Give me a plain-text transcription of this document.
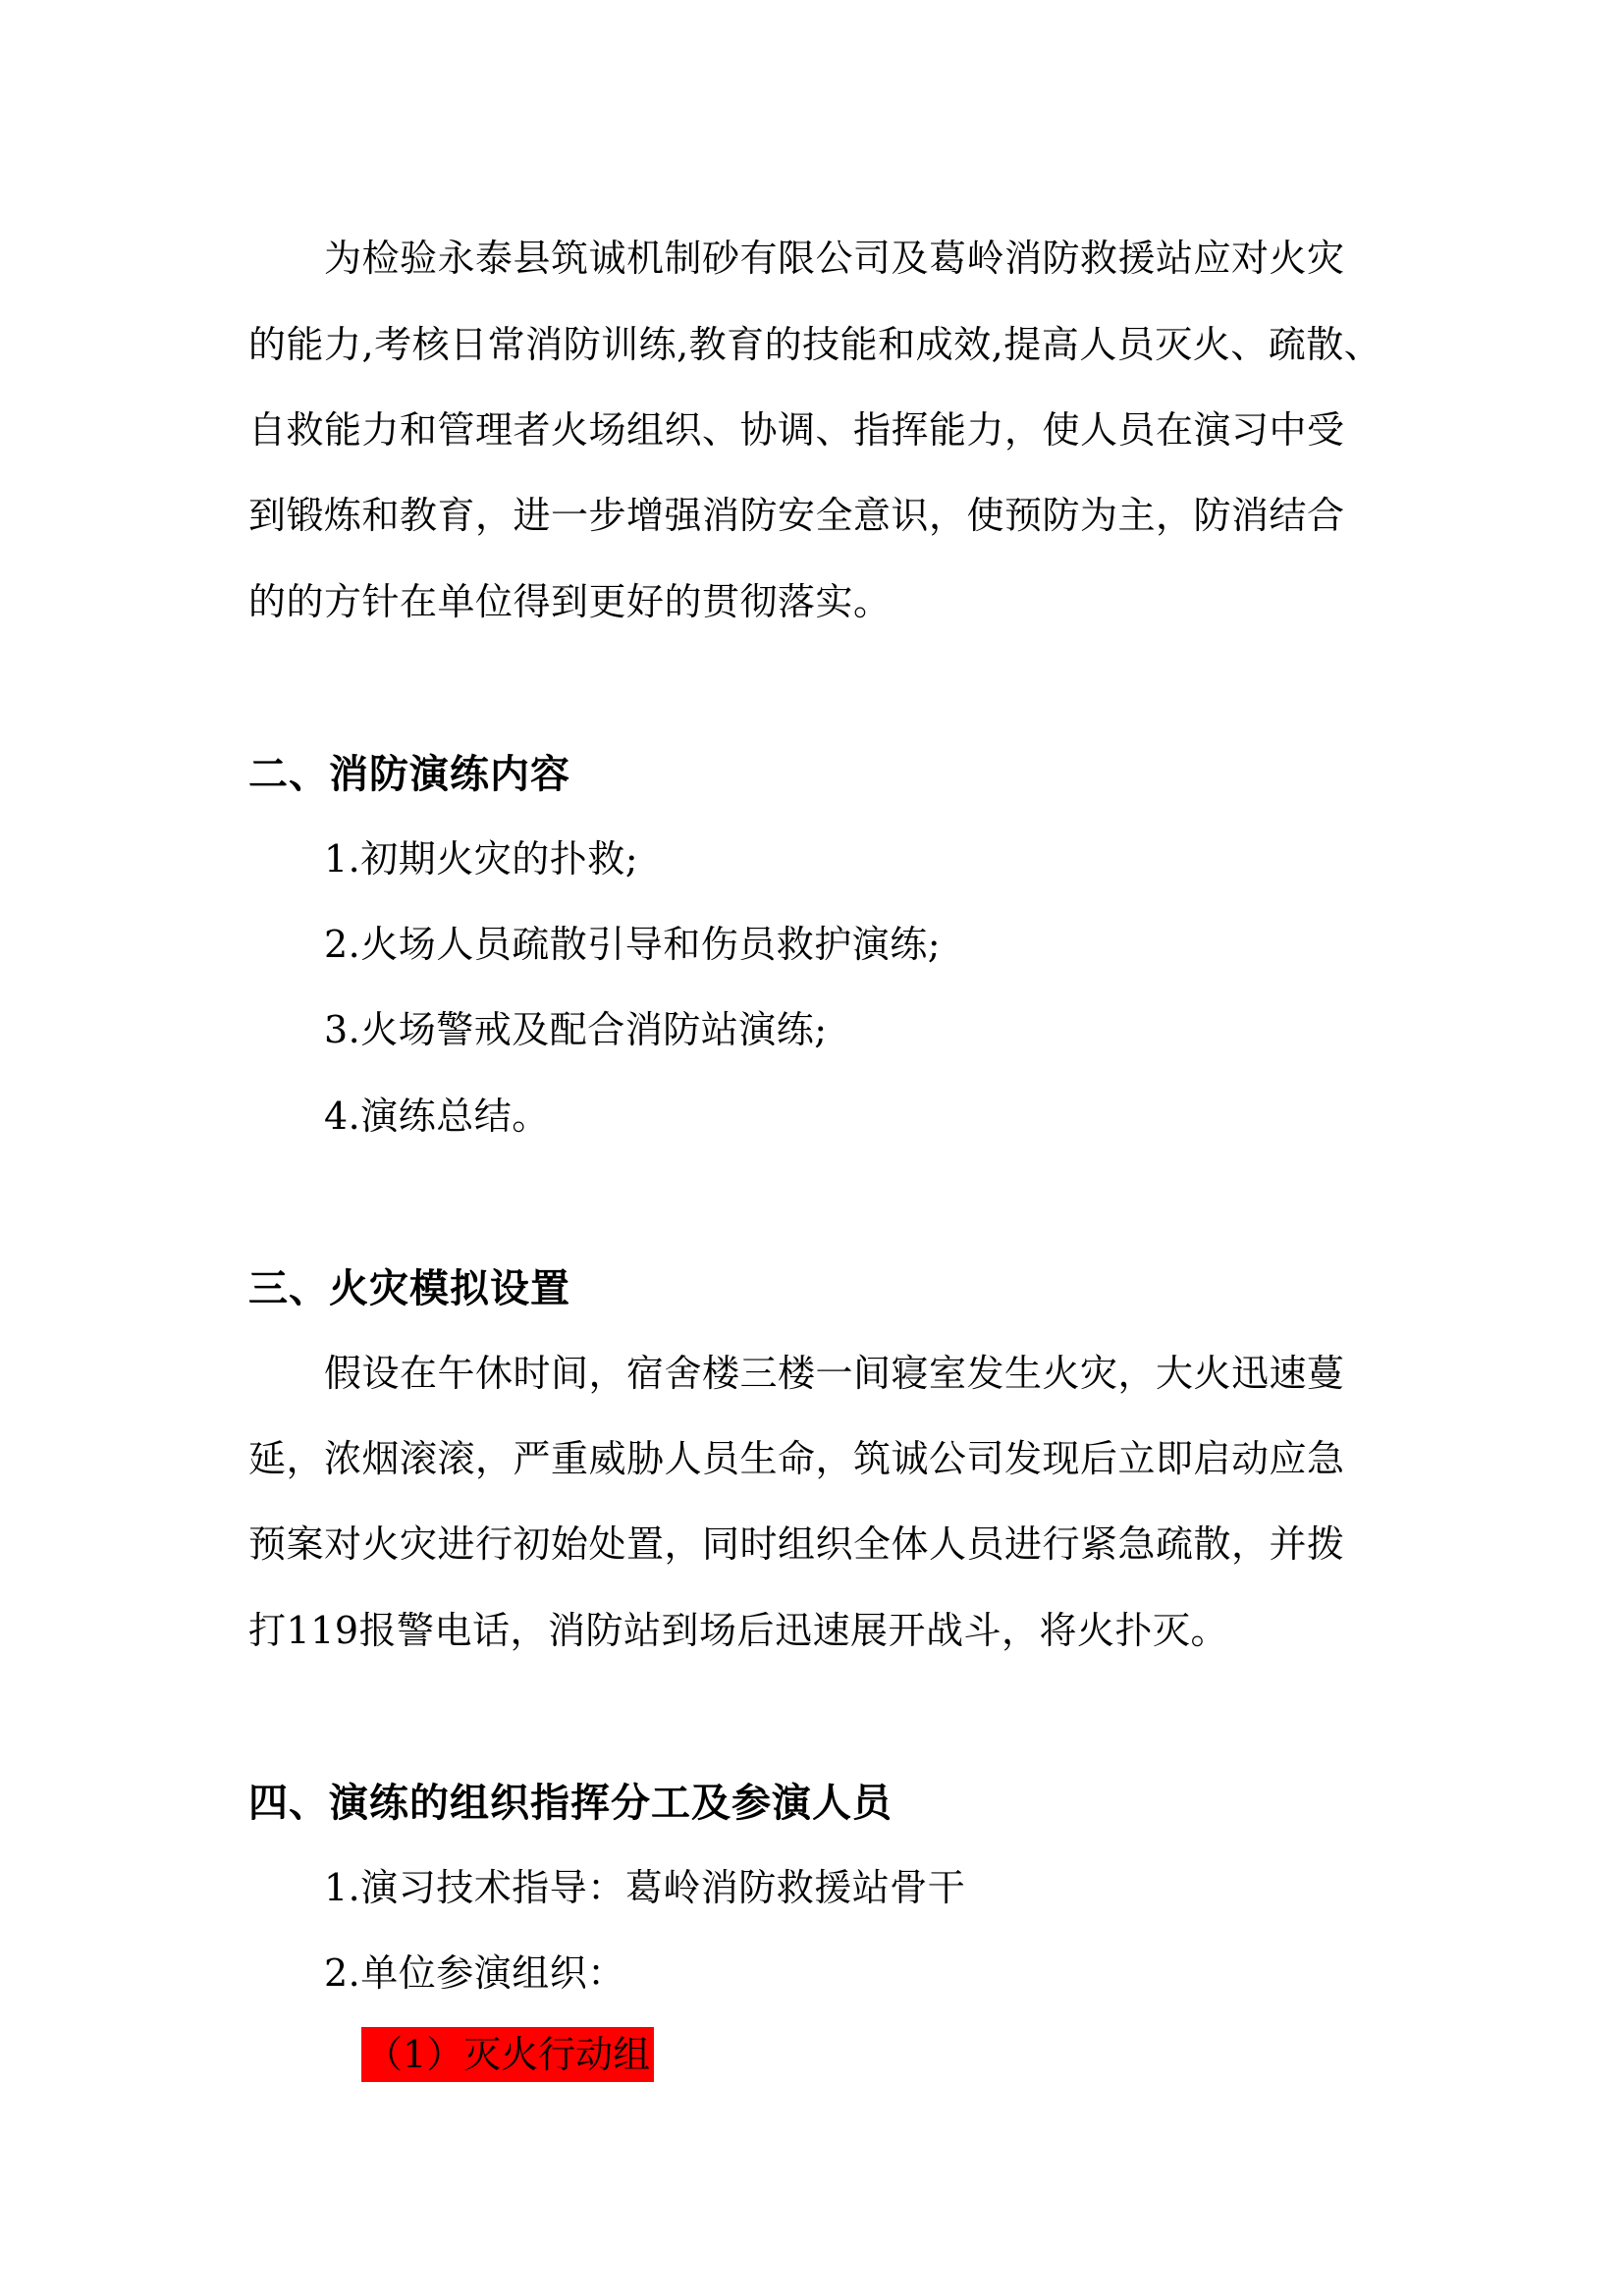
为检验永泰县筑诚机制砂有限公司及葛岭消防救援站应对火灾
的能力,考核日常消防训练,教育的技能和成效,提高人员灭火、疏散、
自救能力和管理者火场组织、协调、指挥能力，使人员在演习中受
到锻炼和教育，进一步增强消防安全意识，使预防为主，防消结合
的的方针在单位得到更好的贯彻落实。
二、消防演练内容
1.初期火灾的扑救;
2.火场人员疏散引导和伤员救护演练;
3.火场警戒及配合消防站演练;
4.演练总结。
三、火灾模拟设置
假设在午休时间，宿舍楼三楼一间寝室发生火灾，大火迅速蔓
延，浓烟滚滚，严重威胁人员生命，筑诚公司发现后立即启动应急
预案对火灾进行初始处置，同时组织全体人员进行紧急疏散，并拨
打119报警电话，消防站到场后迅速展开战斗，将火扑灭。
四、演练的组织指挥分工及参演人员
1.演习技术指导：葛岭消防救援站骨干
2.单位参演组织：
（1）灭火行动组
